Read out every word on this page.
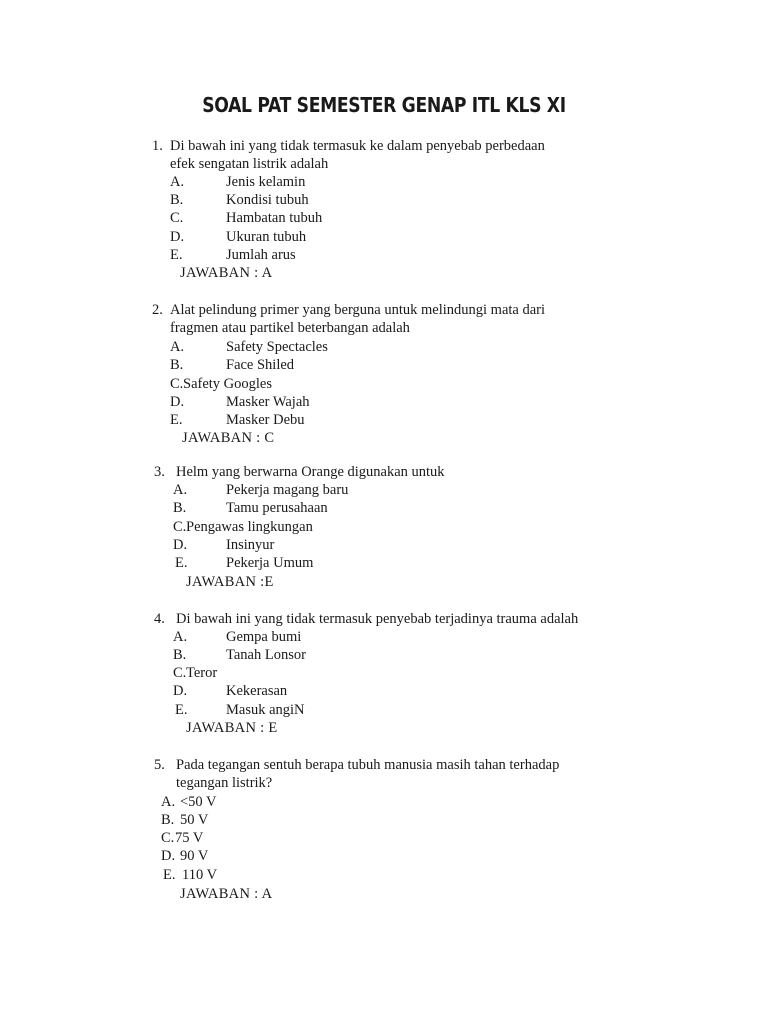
SOAL PAT SEMESTER GENAP ITL KLS XI
1. Di bawah ini yang tidak termasuk ke dalam penyebab perbedaan
efek sengatan listrik adalah
A.	Jenis kelamin
B.	Kondisi tubuh
C.	Hambatan tubuh
D.	Ukuran tubuh
E.	Jumlah arus
JAWABAN : A
2. Alat pelindung primer yang berguna untuk melindungi mata dari
fragmen atau partikel beterbangan adalah
A.	Safety Spectacles
B.	Face Shiled
C. Safety Googles
D.	Masker Wajah
E.	Masker Debu
JAWABAN : C
3. Helm yang berwarna Orange digunakan untuk
A.	Pekerja magang baru
B.	Tamu perusahaan
C. Pengawas lingkungan
D.	Insinyur
E.	Pekerja Umum
JAWABAN :E
4. Di bawah ini yang tidak termasuk penyebab terjadinya trauma adalah
A.	Gempa bumi
B.	Tanah Lonsor
C. Teror
D.	Kekerasan
E.	Masuk angiN
JAWABAN : E
5. Pada tegangan sentuh berapa tubuh manusia masih tahan terhadap
tegangan listrik?
A. <50 V
B. 50 V
C. 75 V
D. 90 V
E. 110 V
JAWABAN : A
